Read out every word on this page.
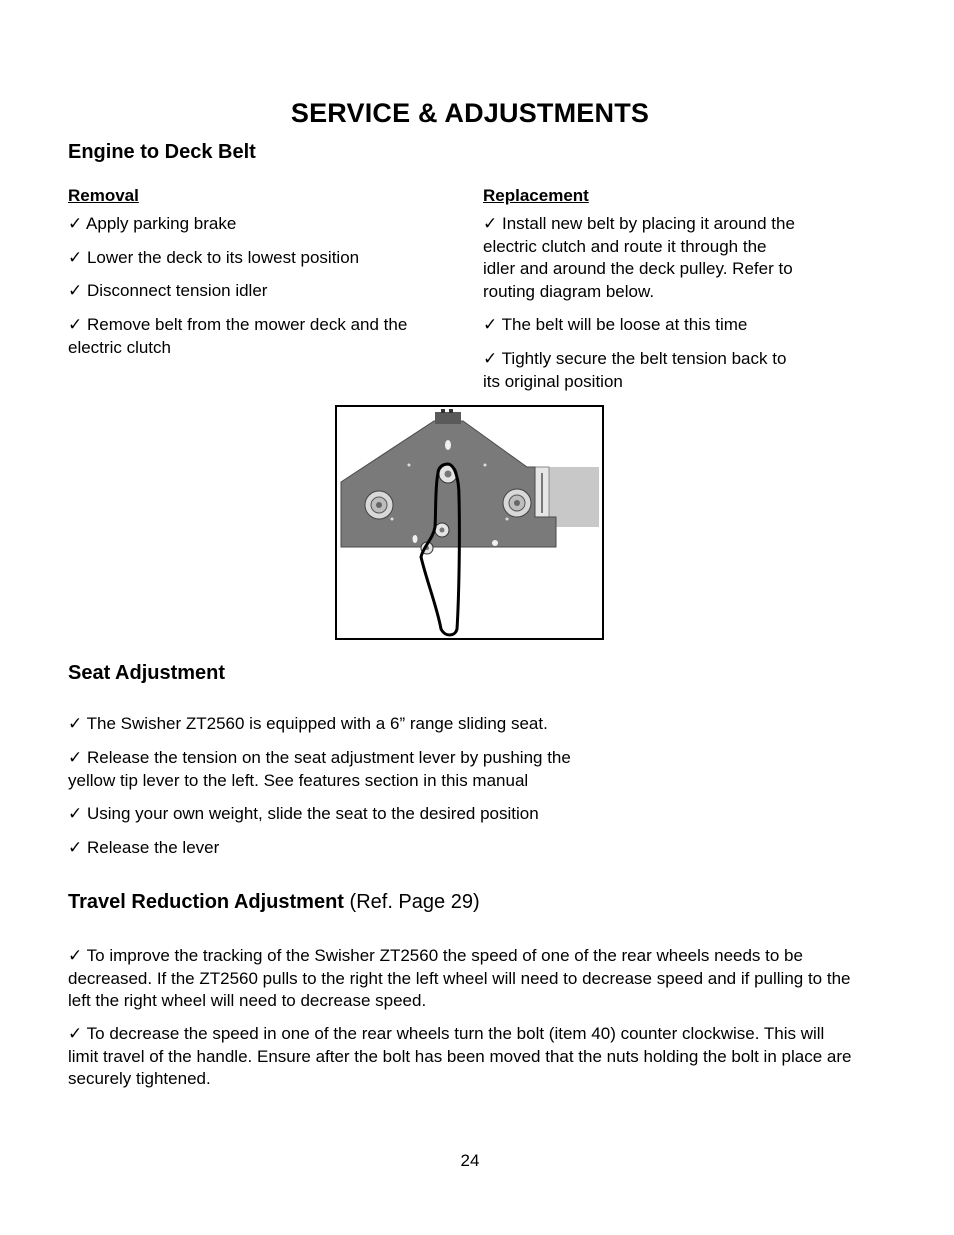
SERVICE & ADJUSTMENTS
Engine to Deck Belt
Removal
✓ Apply parking brake
✓ Lower the deck to its lowest position
✓ Disconnect tension idler
✓ Remove belt from the mower deck and the electric clutch
Replacement
✓ Install new belt by placing it around the electric clutch and route it through the idler and around the deck pulley. Refer to routing diagram below.
✓ The belt will be loose at this time
✓ Tightly secure the belt tension back to its original position
Seat Adjustment
✓ The Swisher ZT2560 is equipped with a 6” range sliding seat.
✓ Release the tension on the seat adjustment lever by pushing the yellow tip lever to the left. See features section in this manual
✓ Using your own weight, slide the seat to the desired position
✓ Release the lever
Travel Reduction Adjustment (Ref. Page 29)
✓ To improve the tracking of the Swisher ZT2560 the speed of one of the rear wheels needs to be decreased. If the ZT2560 pulls to the right the left wheel will need to decrease speed and if pulling to the left the right wheel will need to decrease speed.
✓ To decrease the speed in one of the rear wheels turn the bolt (item 40) counter clockwise. This will limit travel of the handle. Ensure after the bolt has been moved that the nuts holding the bolt in place are securely tightened.
24
